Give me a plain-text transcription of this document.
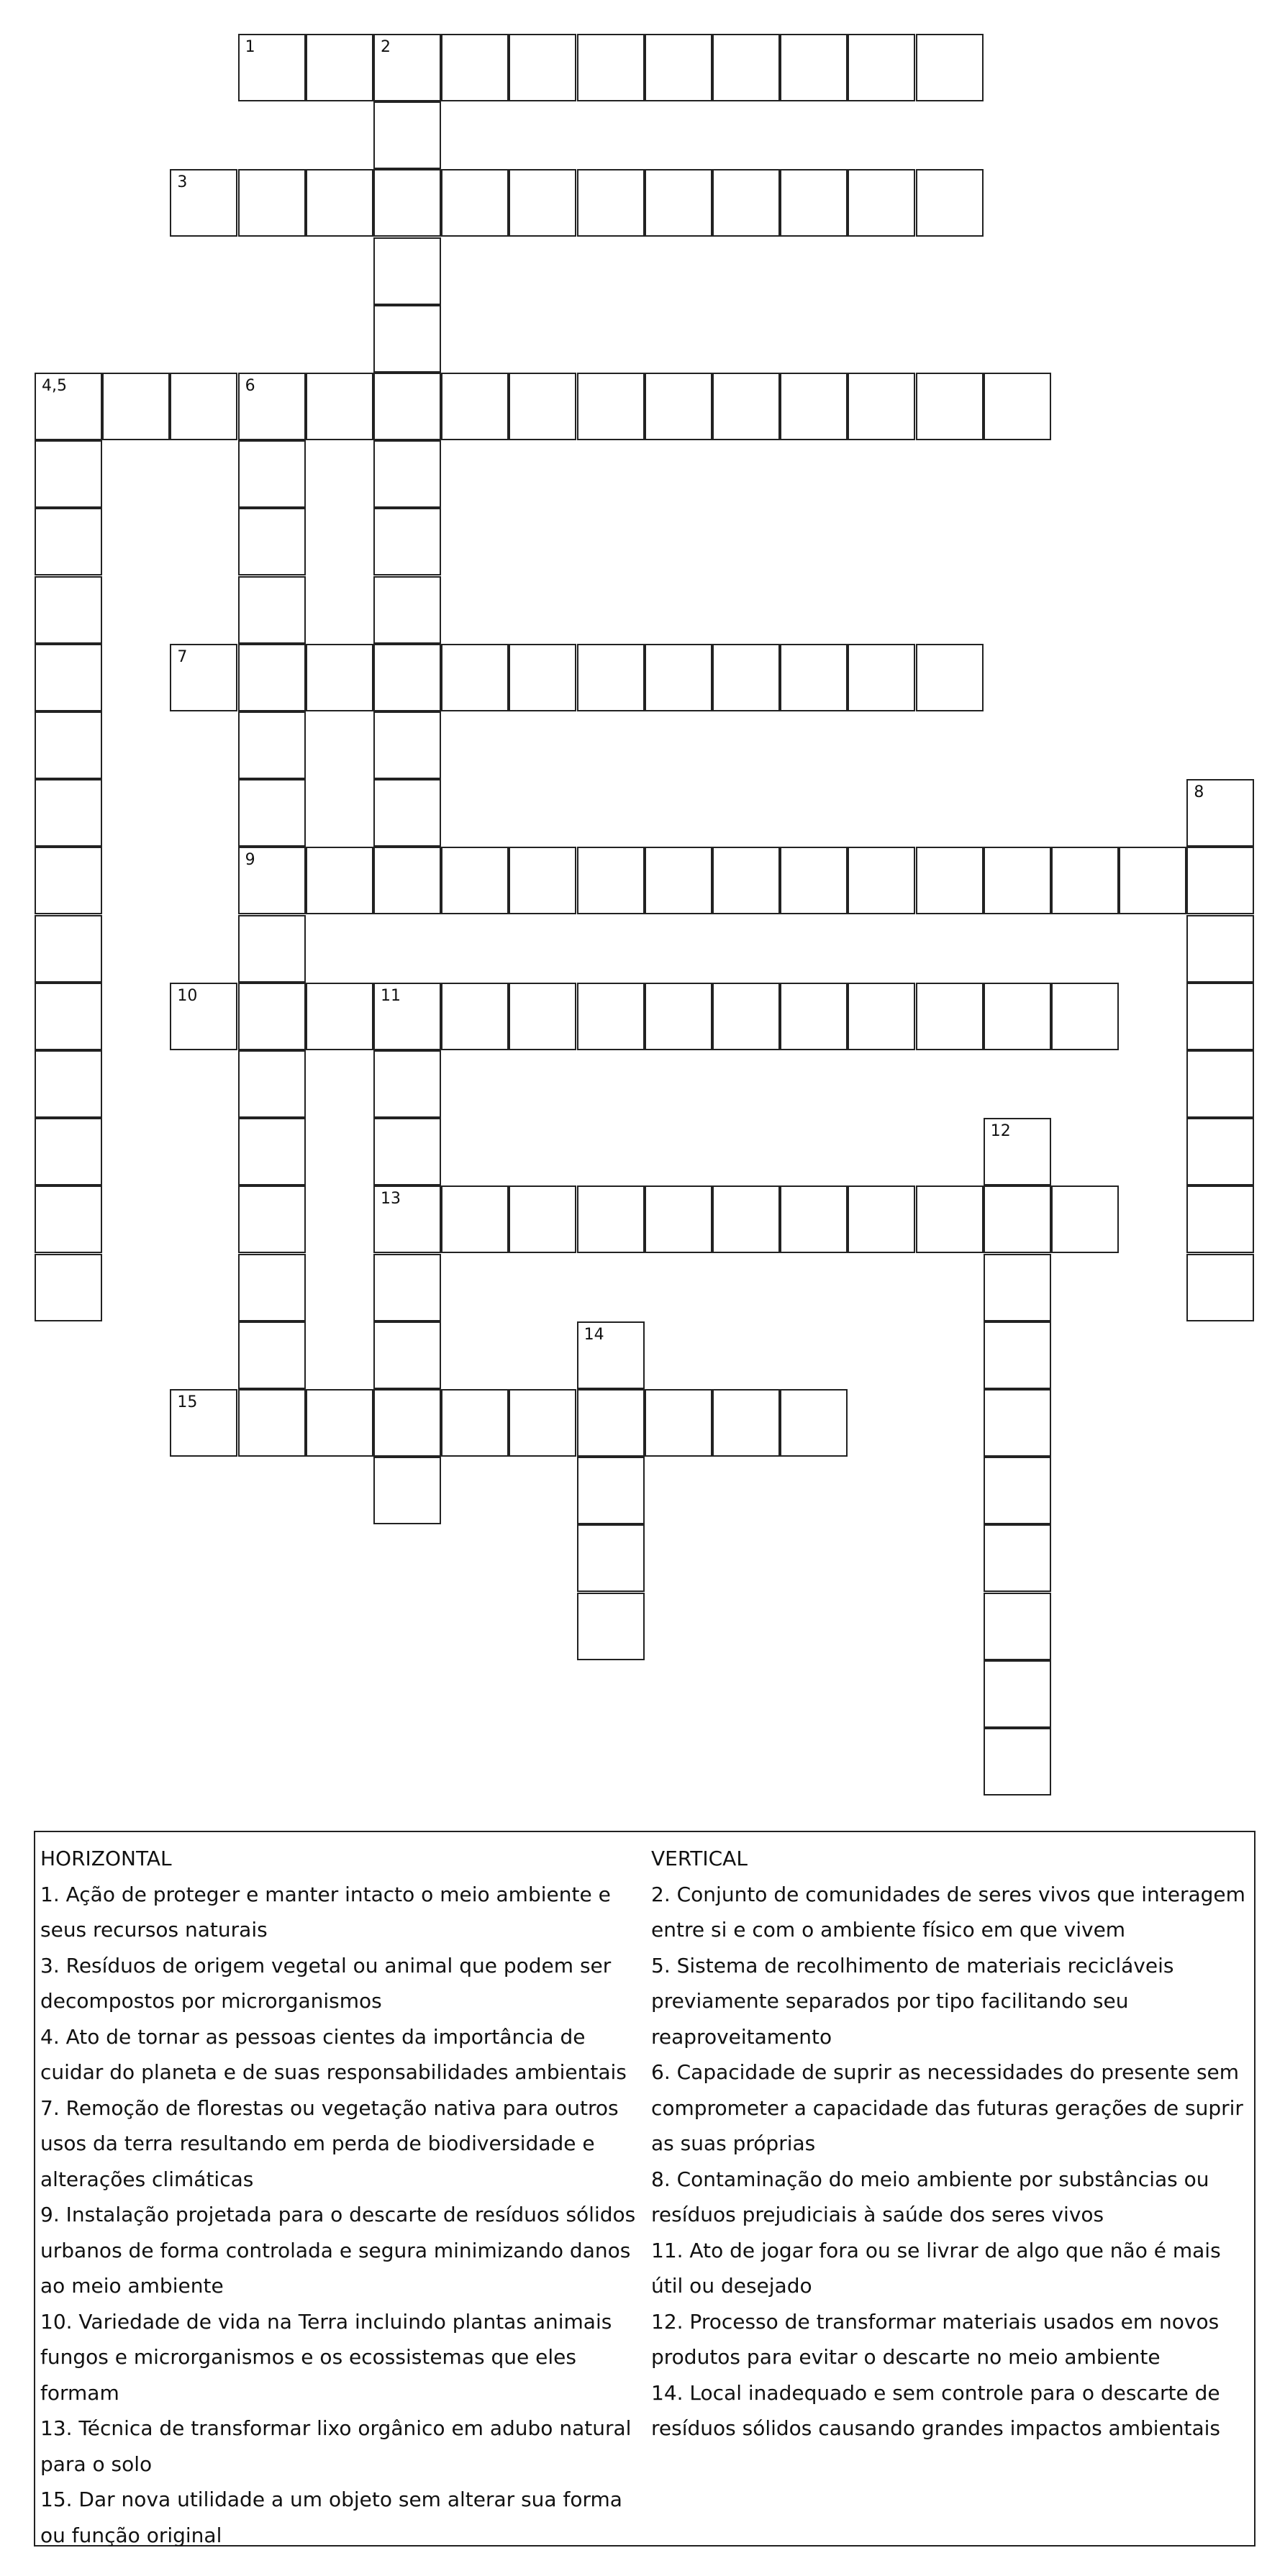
1	2
3
4,5	6
9
7
8
10	11
13
12
14
15
HORIZONTAL
1. Ação de proteger e manter intacto o meio ambiente e seus recursos naturais
3. Resíduos de origem vegetal ou animal que podem ser decompostos por microrganismos
4. Ato de tornar as pessoas cientes da importância de cuidar do planeta e de suas responsabilidades ambientais
7. Remoção de florestas ou vegetação nativa para outros usos da terra resultando em perda de biodiversidade e alterações climáticas
9. Instalação projetada para o descarte de resíduos sólidos urbanos de forma controlada e segura minimizando danos ao meio ambiente
10. Variedade de vida na Terra incluindo plantas animais fungos e microrganismos e os ecossistemas que eles formam
13. Técnica de transformar lixo orgânico em adubo natural para o solo
15. Dar nova utilidade a um objeto sem alterar sua forma ou função original
VERTICAL
2. Conjunto de comunidades de seres vivos que interagem entre si e com o ambiente físico em que vivem
5. Sistema de recolhimento de materiais recicláveis previamente separados por tipo facilitando seu reaproveitamento
6. Capacidade de suprir as necessidades do presente sem comprometer a capacidade das futuras gerações de suprir as suas próprias
8. Contaminação do meio ambiente por substâncias ou resíduos prejudiciais à saúde dos seres vivos
11. Ato de jogar fora ou se livrar de algo que não é mais útil ou desejado
12. Processo de transformar materiais usados em novos produtos para evitar o descarte no meio ambiente
14. Local inadequado e sem controle para o descarte de resíduos sólidos causando grandes impactos ambientais
